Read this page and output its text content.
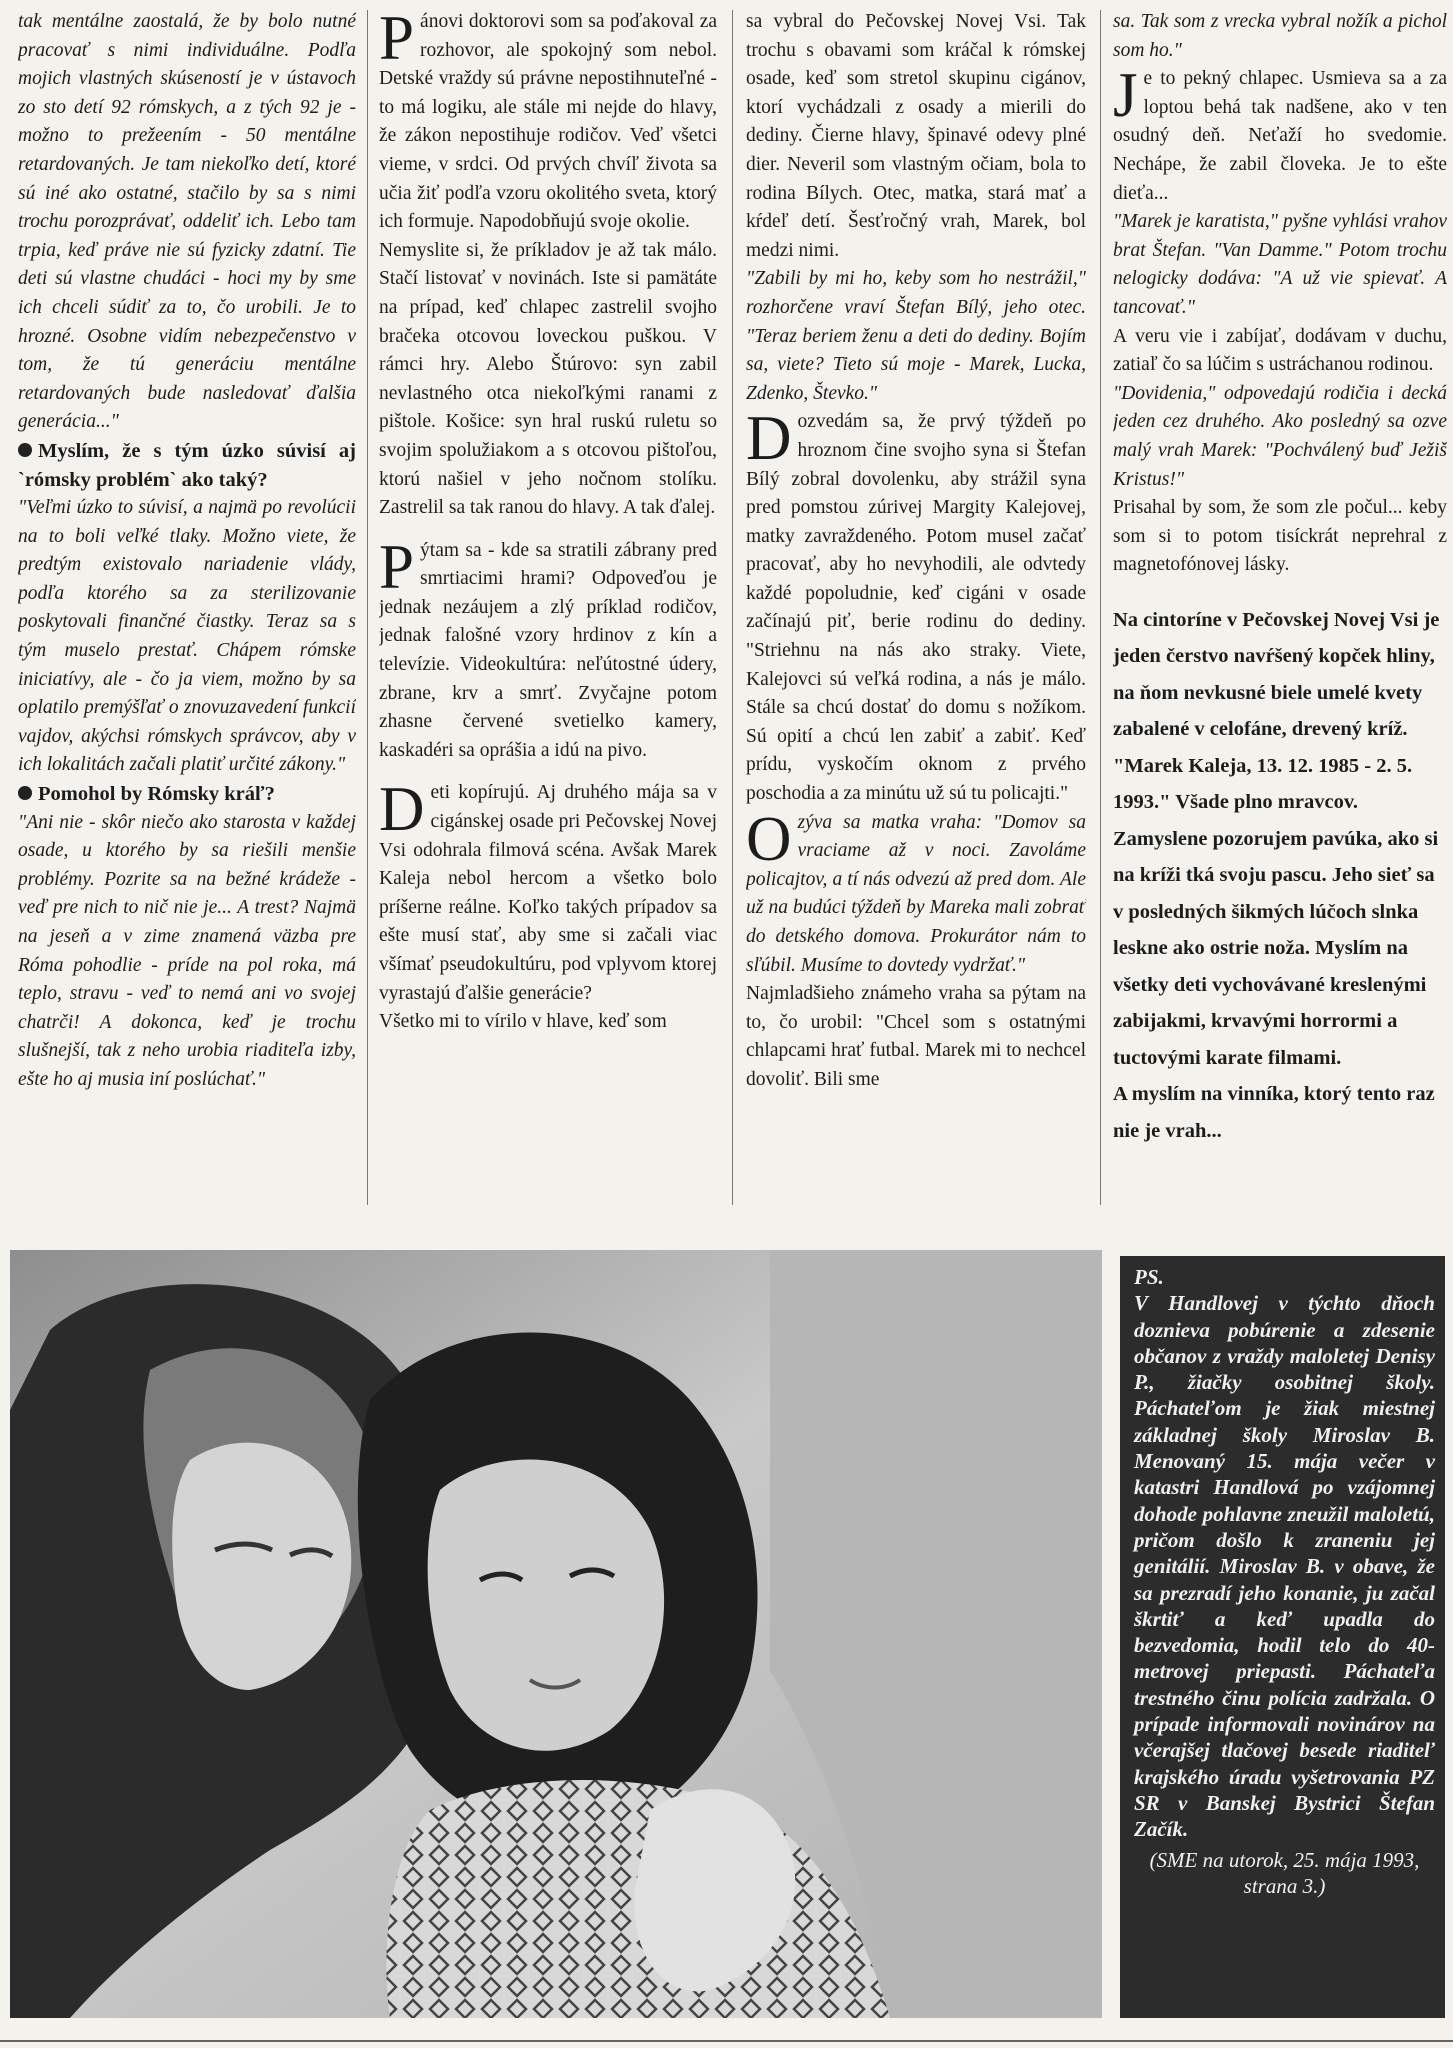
tak mentálne zaostalá, že by bolo nutné pracovať s nimi individuálne. Podľa mojich vlastných skúseností je v ústavoch zo sto detí 92 rómskych, a z tých 92 je - možno to prežeením - 50 mentálne retardovaných. Je tam niekoľko detí, ktoré sú iné ako ostatné, stačilo by sa s nimi trochu porozprávať, oddeliť ich. Lebo tam trpia, keď práve nie sú fyzicky zdatní. Tie deti sú vlastne chudáci - hoci my by sme ich chceli súdiť za to, čo urobili. Je to hrozné. Osobne vidím nebezpečenstvo v tom, že tú generáciu mentálne retardovaných bude nasledovať ďalšia generácia..."

Myslím, že s tým úzko súvisí aj `rómsky problém` ako taký?

"Veľmi úzko to súvisí, a najmä po revolúcii na to boli veľké tlaky. Možno viete, že predtým existovalo nariadenie vlády, podľa ktorého sa za sterilizovanie poskytovali finančné čiastky. Teraz sa s tým muselo prestať. Chápem rómske iniciatívy, ale - čo ja viem, možno by sa oplatilo premýšľať o znovuzavedení funkcií vajdov, akýchsi rómskych správcov, aby v ich lokalitách začali platiť určité zákony."

Pomohol by Rómsky kráľ?

"Ani nie - skôr niečo ako starosta v každej osade, u ktorého by sa riešili menšie problémy. Pozrite sa na bežné krádeže - veď pre nich to nič nie je... A trest? Najmä na jeseň a v zime znamená väzba pre Róma pohodlie - príde na pol roka, má teplo, stravu - veď to nemá ani vo svojej chatrči! A dokonca, keď je trochu slušnejší, tak z neho urobia riaditeľa izby, ešte ho aj musia iní poslúchať."

Pánovi doktorovi som sa poďakoval za rozhovor, ale spokojný som nebol. Detské vraždy sú právne nepostihnuteľné - to má logiku, ale stále mi nejde do hlavy, že zákon nepostihuje rodičov. Veď všetci vieme, v srdci. Od prvých chvíľ života sa učia žiť podľa vzoru okolitého sveta, ktorý ich formuje. Napodobňujú svoje okolie.

Nemyslite si, že príkladov je až tak málo. Stačí listovať v novinách. Iste si pamätáte na prípad, keď chlapec zastrelil svojho bračeka otcovou loveckou puškou. V rámci hry. Alebo Štúrovo: syn zabil nevlastného otca niekoľkými ranami z pištole. Košice: syn hral ruskú ruletu so svojim spolužiakom a s otcovou pištoľou, ktorú našiel v jeho nočnom stolíku. Zastrelil sa tak ranou do hlavy. A tak ďalej.

Pýtam sa - kde sa stratili zábrany pred smrtiacimi hrami? Odpoveďou je jednak nezáujem a zlý príklad rodičov, jednak falošné vzory hrdinov z kín a televízie. Videokultúra: neľútostné údery, zbrane, krv a smrť. Zvyčajne potom zhasne červené svetielko kamery, kaskadéri sa oprášia a idú na pivo.

Deti kopírujú. Aj druhého mája sa v cigánskej osade pri Pečovskej Novej Vsi odohrala filmová scéna. Avšak Marek Kaleja nebol hercom a všetko bolo príšerne reálne. Koľko takých prípadov sa ešte musí stať, aby sme si začali viac všímať pseudokultúru, pod vplyvom ktorej vyrastajú ďalšie generácie?

Všetko mi to vírilo v hlave, keď som

sa vybral do Pečovskej Novej Vsi. Tak trochu s obavami som kráčal k rómskej osade, keď som stretol skupinu cigánov, ktorí vychádzali z osady a mierili do dediny. Čierne hlavy, špinavé odevy plné dier. Neveril som vlastným očiam, bola to rodina Bílych. Otec, matka, stará mať a kŕdeľ detí. Šesťročný vrah, Marek, bol medzi nimi.

"Zabili by mi ho, keby som ho nestrážil," rozhorčene vraví Štefan Bílý, jeho otec. "Teraz beriem ženu a deti do dediny. Bojím sa, viete? Tieto sú moje - Marek, Lucka, Zdenko, Števko."

Dozvedám sa, že prvý týždeň po hroznom čine svojho syna si Štefan Bílý zobral dovolenku, aby strážil syna pred pomstou zúrivej Margity Kalejovej, matky zavraždeného. Potom musel začať pracovať, aby ho nevyhodili, ale odvtedy každé popoludnie, keď cigáni v osade začínajú piť, berie rodinu do dediny. "Striehnu na nás ako straky. Viete, Kalejovci sú veľká rodina, a nás je málo. Stále sa chcú dostať do domu s nožíkom. Sú opití a chcú len zabiť a zabiť. Keď prídu, vyskočím oknom z prvého poschodia a za minútu už sú tu policajti."

Ozýva sa matka vraha: "Domov sa vraciame až v noci. Zavoláme policajtov, a tí nás odvezú až pred dom. Ale už na budúci týždeň by Mareka mali zobrať do detského domova. Prokurátor nám to sľúbil. Musíme to dovtedy vydržať."

Najmladšieho známeho vraha sa pýtam na to, čo urobil: "Chcel som s ostatnými chlapcami hrať futbal. Marek mi to nechcel dovoliť. Bili sme

sa. Tak som z vrecka vybral nožík a pichol som ho."

Je to pekný chlapec. Usmieva sa a za loptou behá tak nadšene, ako v ten osudný deň. Neťaží ho svedomie. Nechápe, že zabil človeka. Je to ešte dieťa...

"Marek je karatista," pyšne vyhlási vrahov brat Štefan. "Van Damme." Potom trochu nelogicky dodáva: "A už vie spievať. A tancovať."

A veru vie i zabíjať, dodávam v duchu, zatiaľ čo sa lúčim s ustráchanou rodinou.

"Dovidenia," odpovedajú rodičia i decká jeden cez druhého. Ako posledný sa ozve malý vrah Marek: "Pochválený buď Ježiš Kristus!"

Prisahal by som, že som zle počul... keby som si to potom tisíckrát neprehral z magnetofónovej lásky.

Na cintoríne v Pečovskej Novej Vsi je jeden čerstvo navŕšený kopček hliny, na ňom nevkusné biele umelé kvety zabalené v celofáne, drevený kríž. "Marek Kaleja, 13. 12. 1985 - 2. 5. 1993." Všade plno mravcov.

Zamyslene pozorujem pavúka, ako si na kríži tká svoju pascu. Jeho sieť sa v posledných šikmých lúčoch slnka leskne ako ostrie noža. Myslím na všetky deti vychovávané kreslenými zabijakmi, krvavými horrormi a tuctovými karate filmami.

A myslím na vinníka, ktorý tento raz nie je vrah...

PS.

V Handlovej v týchto dňoch doznieva pobúrenie a zdesenie občanov z vraždy maloletej Denisy P., žiačky osobitnej školy. Páchateľom je žiak miestnej základnej školy Miroslav B. Menovaný 15. mája večer v katastri Handlová po vzájomnej dohode pohlavne zneužil maloletú, pričom došlo k zraneniu jej genitálií. Miroslav B. v obave, že sa prezradí jeho konanie, ju začal škrtiť a keď upadla do bezvedomia, hodil telo do 40-metrovej priepasti. Páchateľa trestného činu polícia zadržala. O prípade informovali novinárov na včerajšej tlačovej besede riaditeľ krajského úradu vyšetrovania PZ SR v Banskej Bystrici Štefan Začík.

(SME na utorok, 25. mája 1993, strana 3.)
